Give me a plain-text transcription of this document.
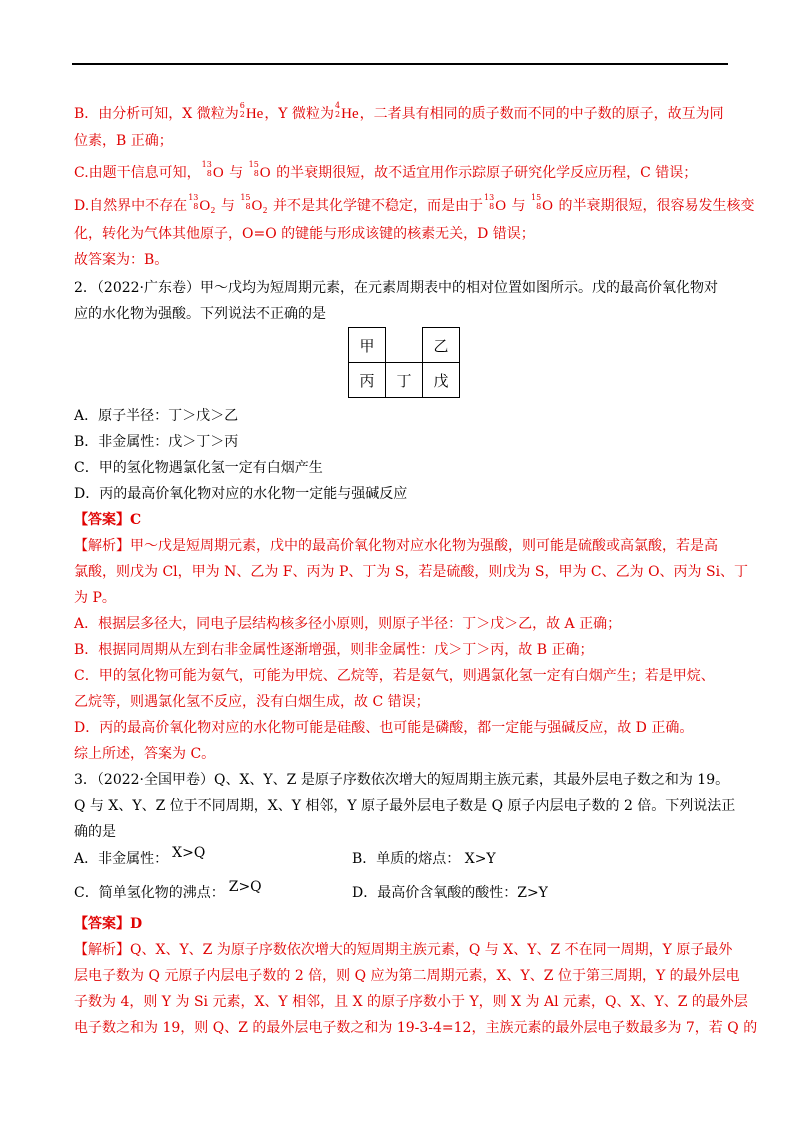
B．由分析可知，X 微粒为
6
2 He，Y 微粒为
4
2 He，二者具有相同的质子数而不同的中子数的原子，故互为同
位素，B 正确；
C.由题干信息可知，
13
8 O 与
15
8 O 的半衰期很短，故不适宜用作示踪原子研究化学反应历程，C 错误；
D.自然界中不存在
13
8 O₂ 与
15
8 O₂ 并不是其化学键不稳定，而是由于
13
8 O 与
15
8 O 的半衰期很短，很容易发生核变
化，转化为气体其他原子，O=O 的键能与形成该键的核素无关，D 错误；
故答案为：B。
2．（2022·广东卷）甲～戊均为短周期元素，在元素周期表中的相对位置如图所示。戊的最高价氧化物对
应的水化物为强酸。下列说法不正确的是
甲		乙
丙	丁	戊
A．原子半径：丁＞戊＞乙
B．非金属性：戊＞丁＞丙
C．甲的氢化物遇氯化氢一定有白烟产生
D．丙的最高价氧化物对应的水化物一定能与强碱反应
【答案】C
【解析】甲～戊是短周期元素，戊中的最高价氧化物对应水化物为强酸，则可能是硫酸或高氯酸，若是高
氯酸，则戊为 Cl，甲为 N、乙为 F、丙为 P、丁为 S，若是硫酸，则戊为 S，甲为 C、乙为 O、丙为 Si、丁
为 P。
A．根据层多径大，同电子层结构核多径小原则，则原子半径：丁＞戊＞乙，故 A 正确；
B．根据同周期从左到右非金属性逐渐增强，则非金属性：戊＞丁＞丙，故 B 正确；
C．甲的氢化物可能为氨气，可能为甲烷、乙烷等，若是氨气，则遇氯化氢一定有白烟产生；若是甲烷、
乙烷等，则遇氯化氢不反应，没有白烟生成，故 C 错误；
D．丙的最高价氧化物对应的水化物可能是硅酸、也可能是磷酸，都一定能与强碱反应，故 D 正确。
综上所述，答案为 C。
3．（2022·全国甲卷）Q、X、Y、Z 是原子序数依次增大的短周期主族元素，其最外层电子数之和为 19。
Q 与 X、Y、Z 位于不同周期，X、Y 相邻，Y 原子最外层电子数是 Q 原子内层电子数的 2 倍。下列说法正
确的是
A．非金属性： X>Q	B．单质的熔点： X>Y
C．简单氢化物的沸点： Z>Q	D．最高价含氧酸的酸性：Z>Y
【答案】D
【解析】Q、X、Y、Z 为原子序数依次增大的短周期主族元素，Q 与 X、Y、Z 不在同一周期，Y 原子最外
层电子数为 Q 元原子内层电子数的 2 倍，则 Q 应为第二周期元素，X、Y、Z 位于第三周期，Y 的最外层电
子数为 4，则 Y 为 Si 元素，X、Y 相邻，且 X 的原子序数小于 Y，则 X 为 Al 元素，Q、X、Y、Z 的最外层
电子数之和为 19，则 Q、Z 的最外层电子数之和为 19-3-4=12，主族元素的最外层电子数最多为 7，若 Q 的
